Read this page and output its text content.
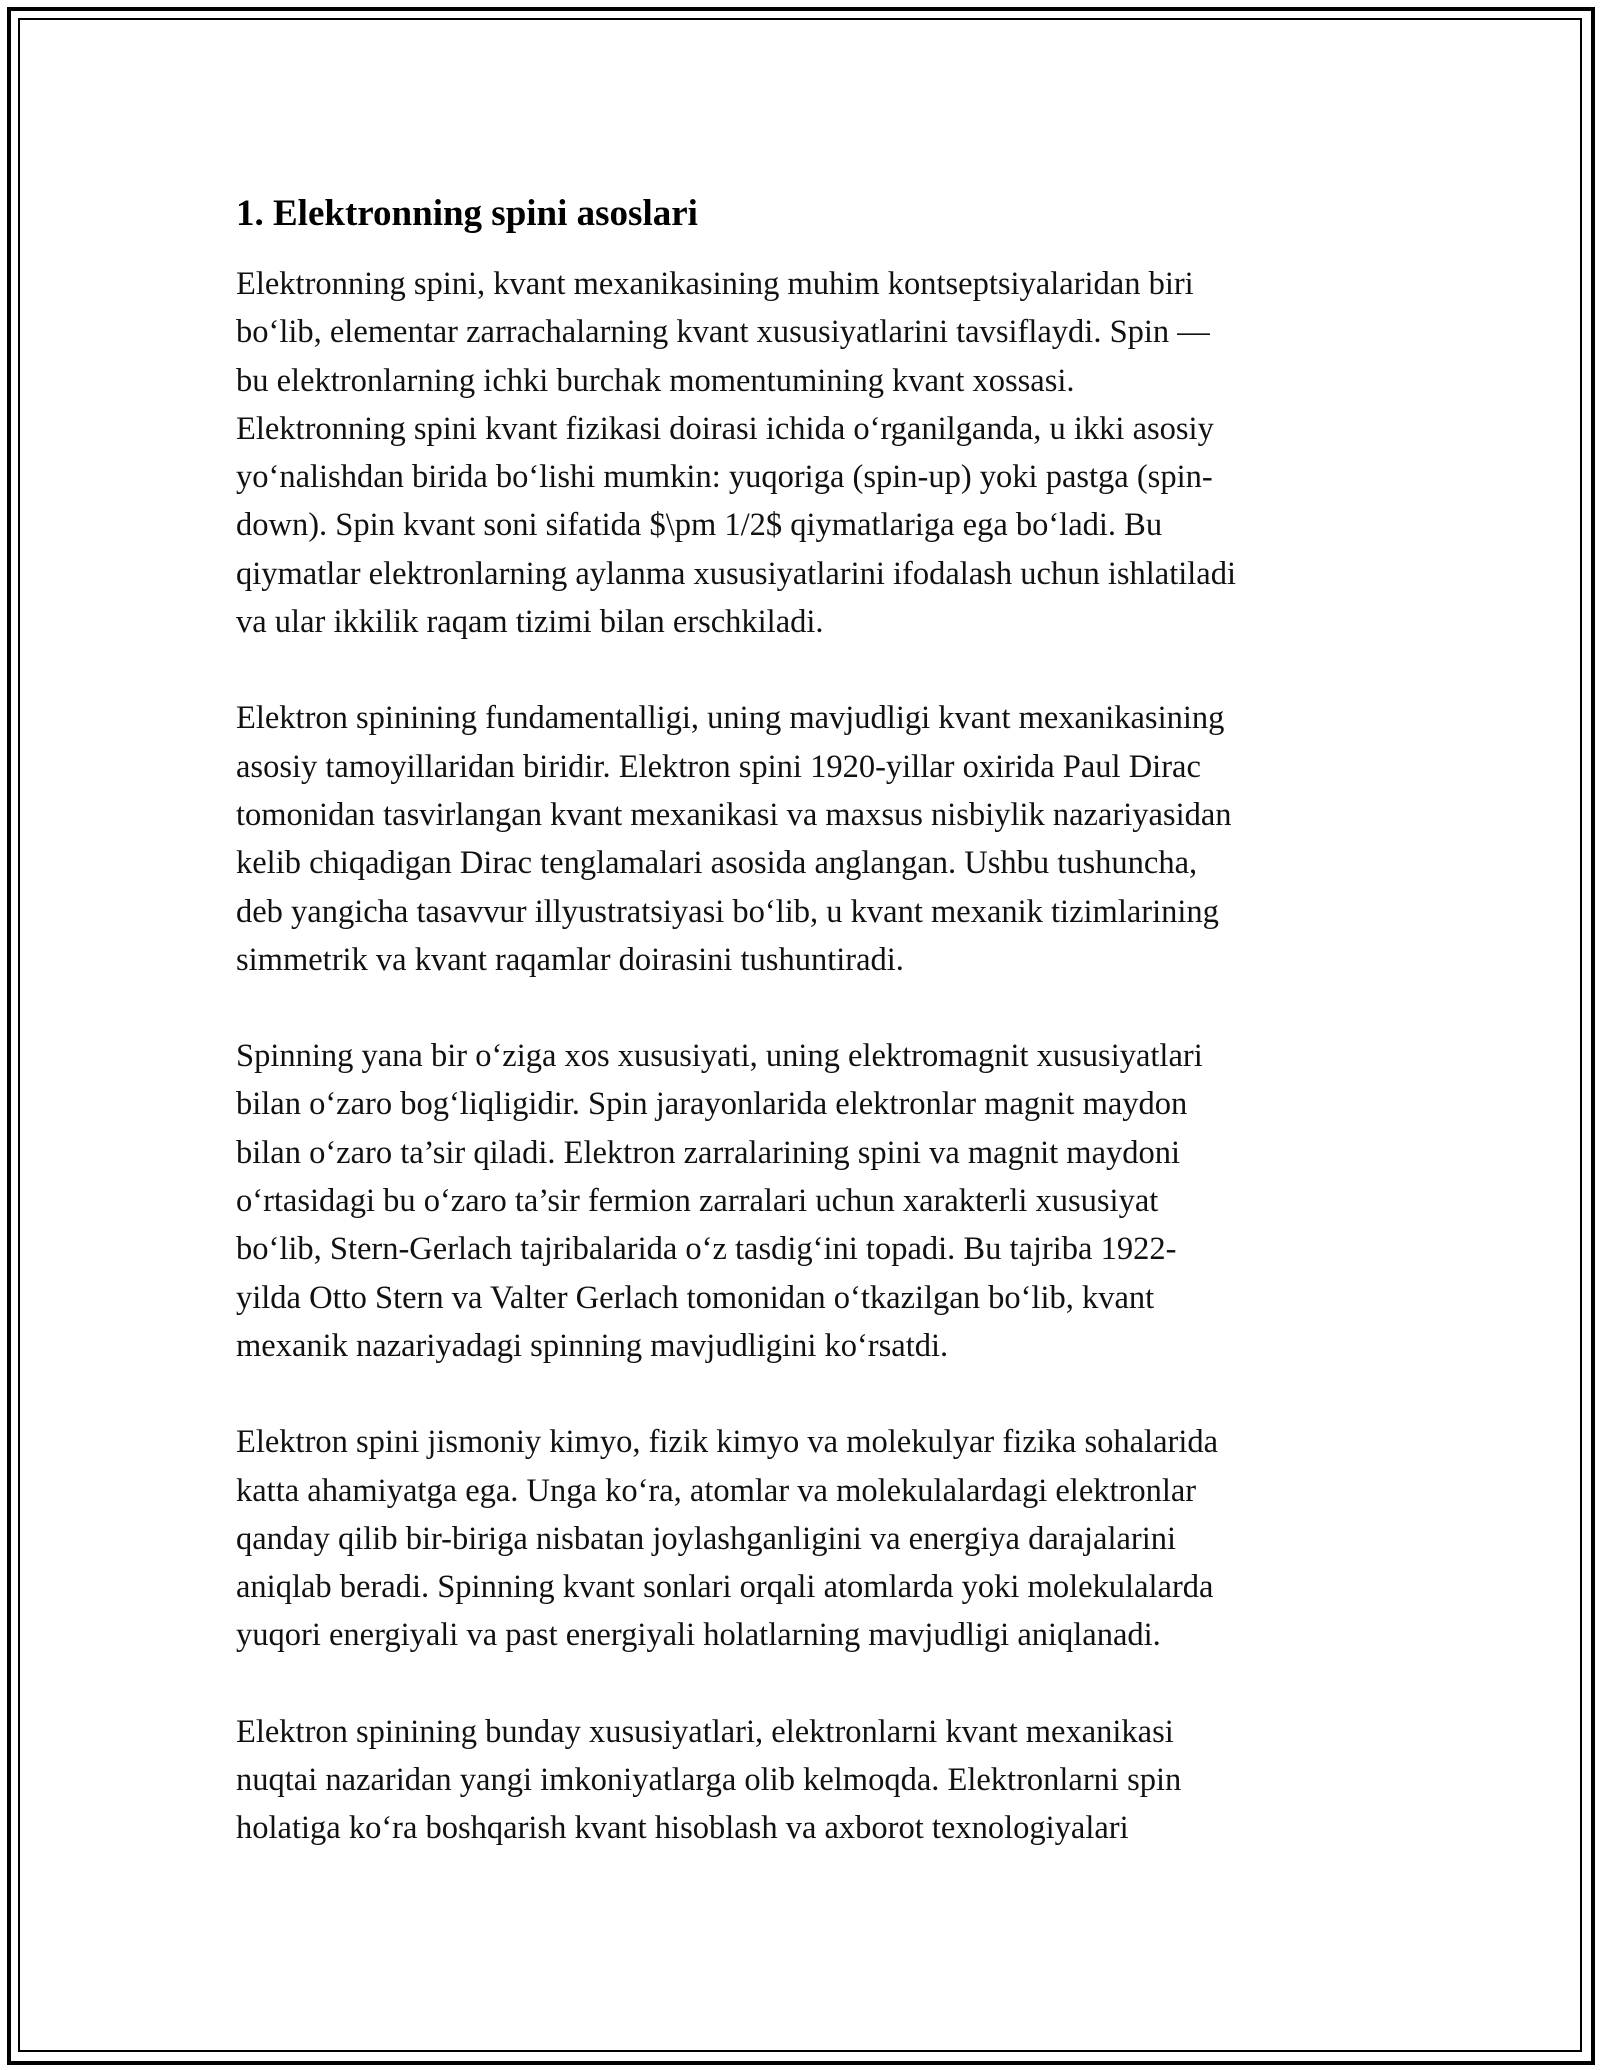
1. Elektronning spini asoslari
Elektronning spini, kvant mexanikasining muhim kontseptsiyalaridan biri
bo‘lib, elementar zarrachalarning kvant xususiyatlarini tavsiflaydi. Spin —
bu elektronlarning ichki burchak momentumining kvant xossasi.
Elektronning spini kvant fizikasi doirasi ichida o‘rganilganda, u ikki asosiy
yo‘nalishdan birida bo‘lishi mumkin: yuqoriga (spin-up) yoki pastga (spin-
down). Spin kvant soni sifatida $\pm 1/2$ qiymatlariga ega bo‘ladi. Bu
qiymatlar elektronlarning aylanma xususiyatlarini ifodalash uchun ishlatiladi
va ular ikkilik raqam tizimi bilan erschkiladi.
Elektron spinining fundamentalligi, uning mavjudligi kvant mexanikasining
asosiy tamoyillaridan biridir. Elektron spini 1920-yillar oxirida Paul Dirac
tomonidan tasvirlangan kvant mexanikasi va maxsus nisbiylik nazariyasidan
kelib chiqadigan Dirac tenglamalari asosida anglangan. Ushbu tushuncha,
deb yangicha tasavvur illyustratsiyasi bo‘lib, u kvant mexanik tizimlarining
simmetrik va kvant raqamlar doirasini tushuntiradi.
Spinning yana bir o‘ziga xos xususiyati, uning elektromagnit xususiyatlari
bilan o‘zaro bog‘liqligidir. Spin jarayonlarida elektronlar magnit maydon
bilan o‘zaro ta’sir qiladi. Elektron zarralarining spini va magnit maydoni
o‘rtasidagi bu o‘zaro ta’sir fermion zarralari uchun xarakterli xususiyat
bo‘lib, Stern-Gerlach tajribalarida o‘z tasdig‘ini topadi. Bu tajriba 1922-
yilda Otto Stern va Valter Gerlach tomonidan o‘tkazilgan bo‘lib, kvant
mexanik nazariyadagi spinning mavjudligini ko‘rsatdi.
Elektron spini jismoniy kimyo, fizik kimyo va molekulyar fizika sohalarida
katta ahamiyatga ega. Unga ko‘ra, atomlar va molekulalardagi elektronlar
qanday qilib bir-biriga nisbatan joylashganligini va energiya darajalarini
aniqlab beradi. Spinning kvant sonlari orqali atomlarda yoki molekulalarda
yuqori energiyali va past energiyali holatlarning mavjudligi aniqlanadi.
Elektron spinining bunday xususiyatlari, elektronlarni kvant mexanikasi
nuqtai nazaridan yangi imkoniyatlarga olib kelmoqda. Elektronlarni spin
holatiga ko‘ra boshqarish kvant hisoblash va axborot texnologiyalari
